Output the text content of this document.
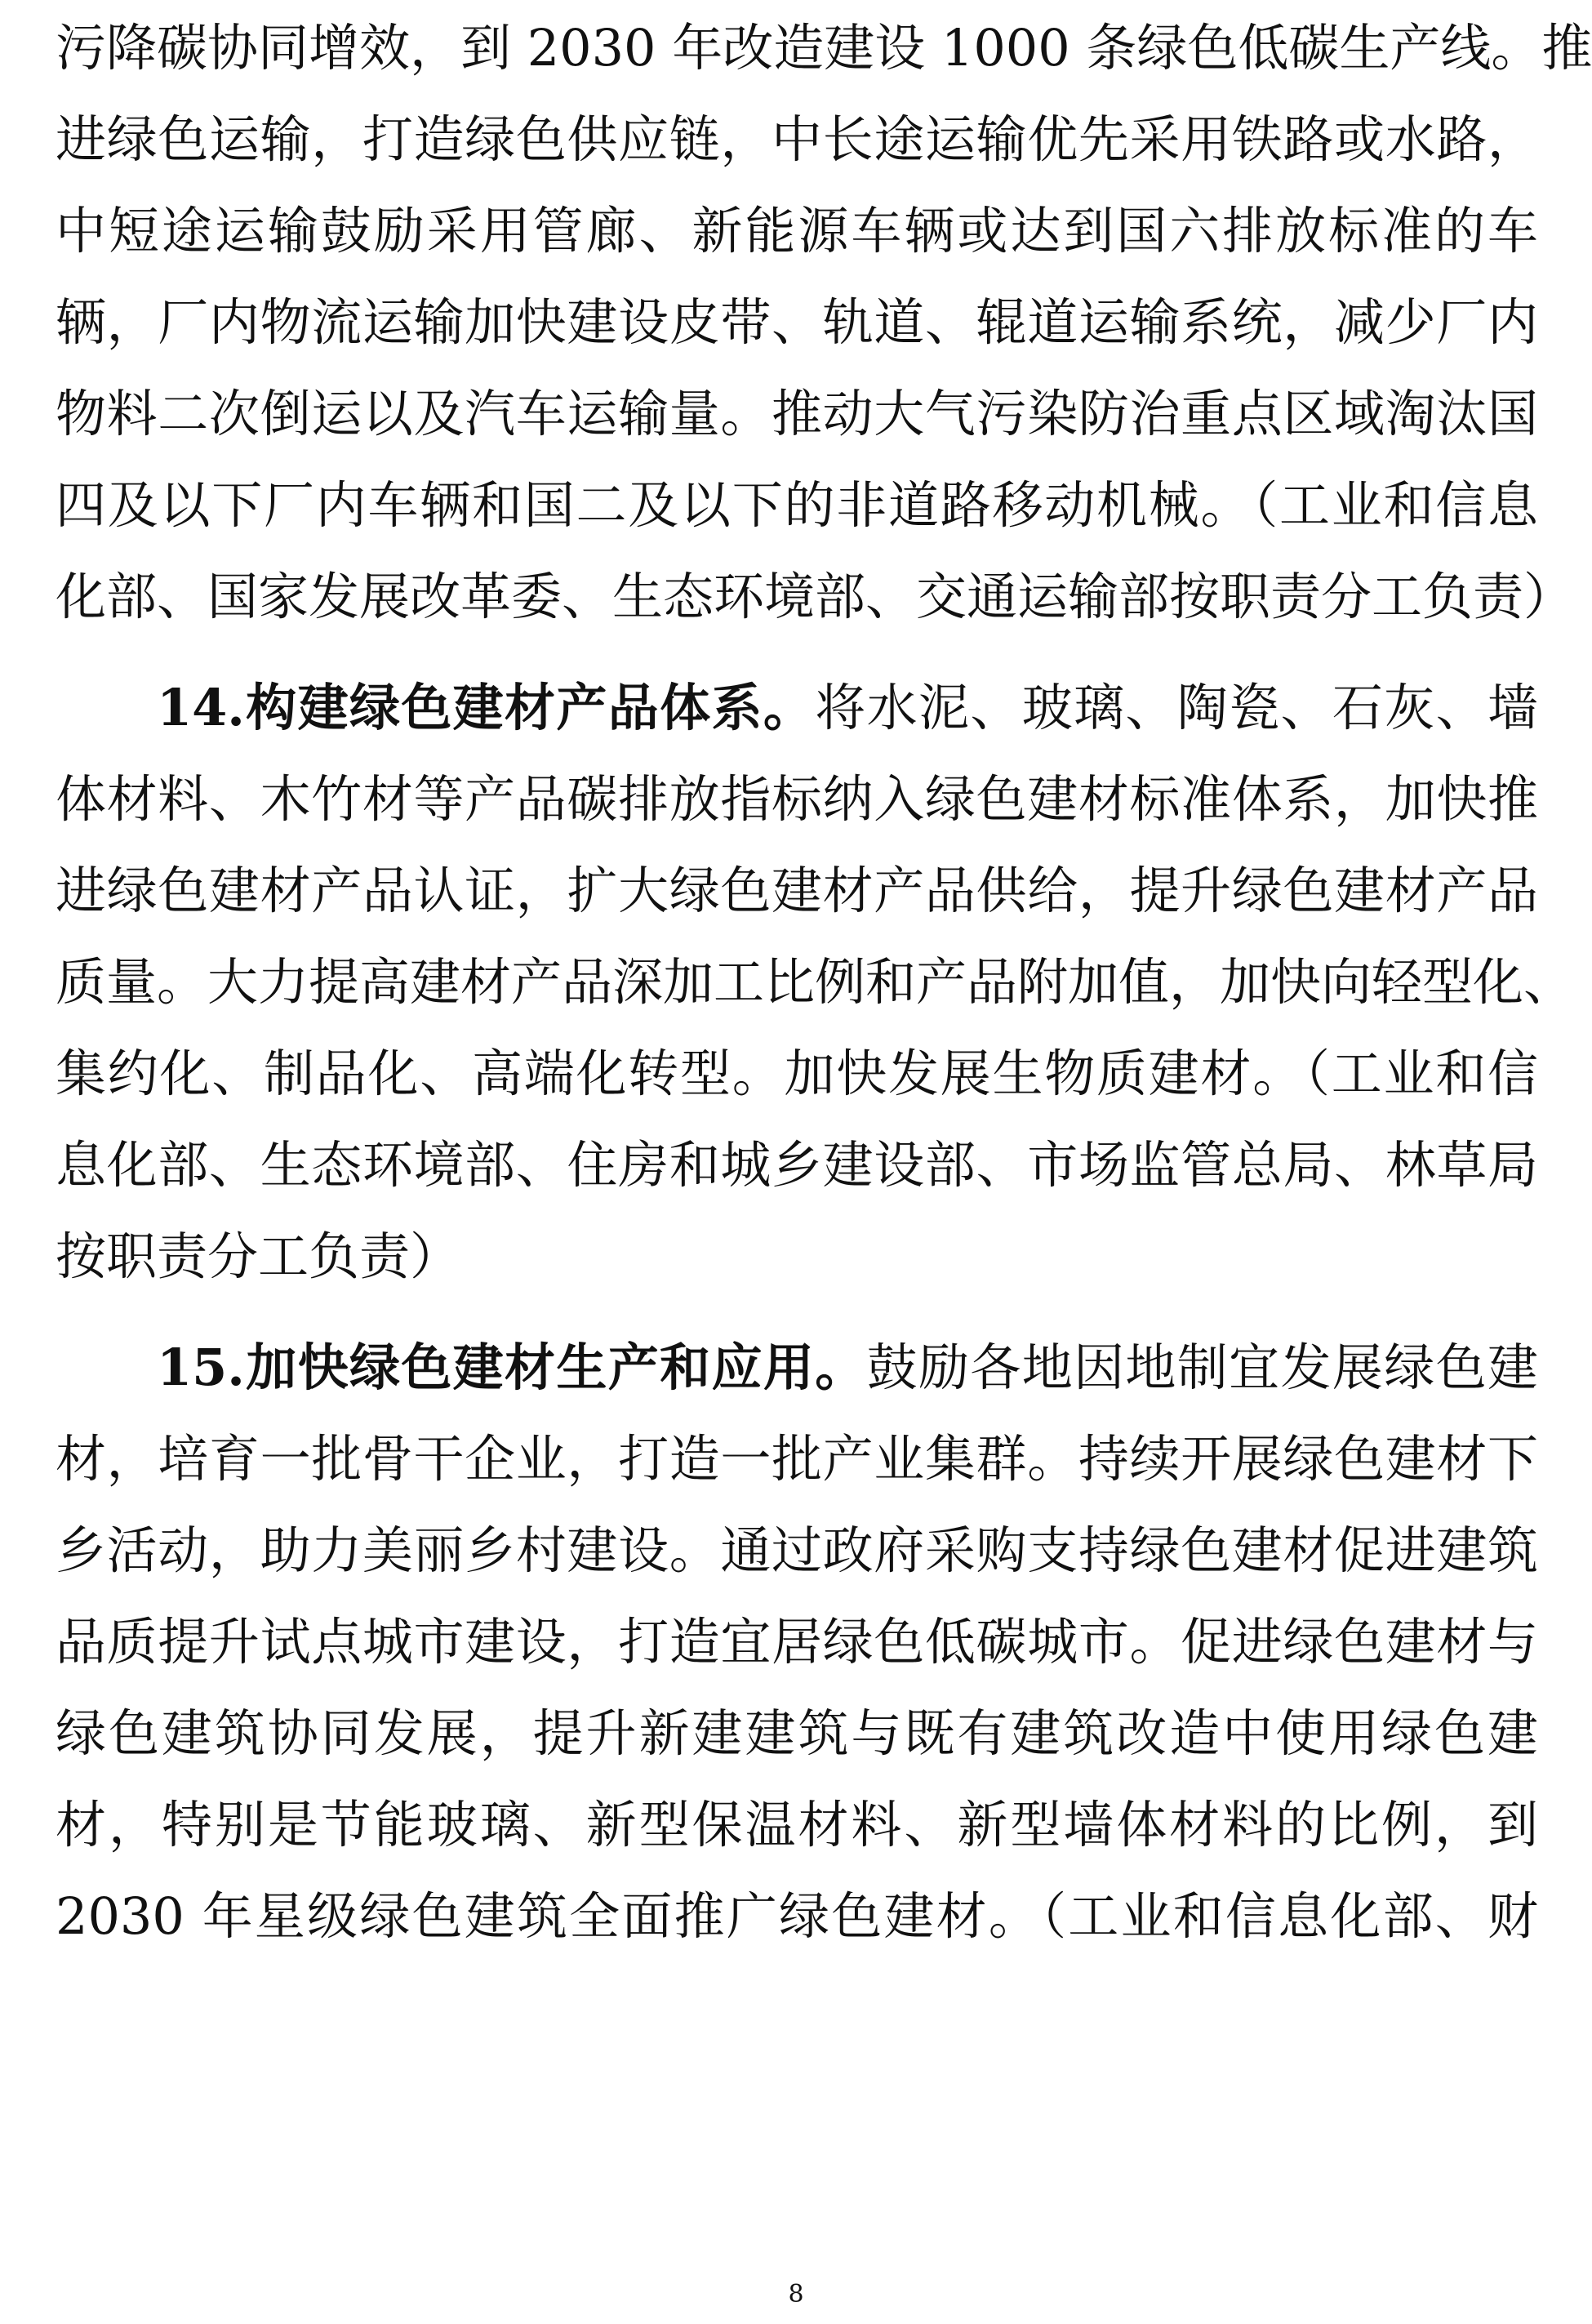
污降碳协同增效，到 2030 年改造建设 1000 条绿色低碳生产线。推
进绿色运输，打造绿色供应链，中长途运输优先采用铁路或水路，
中短途运输鼓励采用管廊、新能源车辆或达到国六排放标准的车
辆，厂内物流运输加快建设皮带、轨道、辊道运输系统，减少厂内
物料二次倒运以及汽车运输量。推动大气污染防治重点区域淘汰国
四及以下厂内车辆和国二及以下的非道路移动机械。（工业和信息
化部、国家发展改革委、生态环境部、交通运输部按职责分工负责）
14.构建绿色建材产品体系。将水泥、玻璃、陶瓷、石灰、墙
体材料、木竹材等产品碳排放指标纳入绿色建材标准体系，加快推
进绿色建材产品认证，扩大绿色建材产品供给，提升绿色建材产品
质量。大力提高建材产品深加工比例和产品附加值，加快向轻型化、
集约化、制品化、高端化转型。加快发展生物质建材。（工业和信
息化部、生态环境部、住房和城乡建设部、市场监管总局、林草局
按职责分工负责）
15.加快绿色建材生产和应用。鼓励各地因地制宜发展绿色建
材，培育一批骨干企业，打造一批产业集群。持续开展绿色建材下
乡活动，助力美丽乡村建设。通过政府采购支持绿色建材促进建筑
品质提升试点城市建设，打造宜居绿色低碳城市。促进绿色建材与
绿色建筑协同发展，提升新建建筑与既有建筑改造中使用绿色建
材，特别是节能玻璃、新型保温材料、新型墙体材料的比例，到
2030 年星级绿色建筑全面推广绿色建材。（工业和信息化部、财
8
